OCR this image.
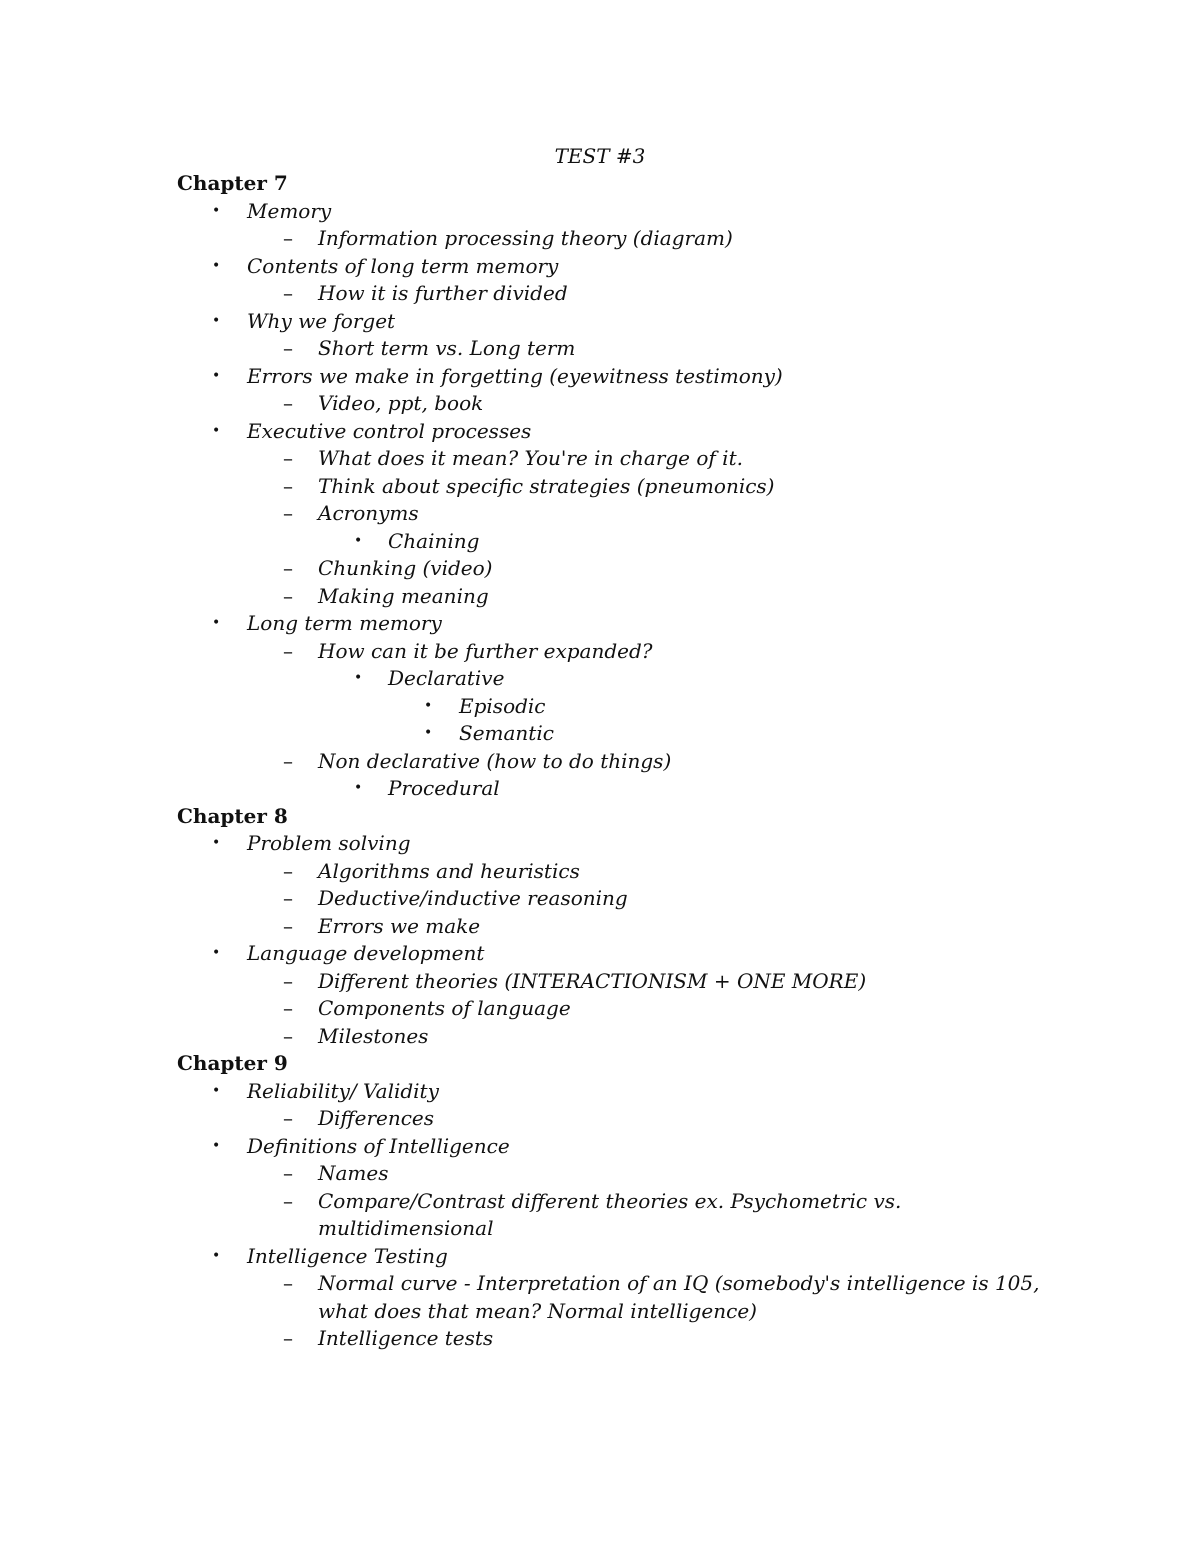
TEST #3
Chapter 7
• Memory
– Information processing theory (diagram)
• Contents of long term memory
– How it is further divided
• Why we forget
– Short term vs. Long term
• Errors we make in forgetting (eyewitness testimony)
– Video, ppt, book
• Executive control processes
– What does it mean? You're in charge of it.
– Think about specific strategies (pneumonics)
– Acronyms
• Chaining
– Chunking (video)
– Making meaning
• Long term memory
– How can it be further expanded?
• Declarative
• Episodic
• Semantic
– Non declarative (how to do things)
• Procedural
Chapter 8
• Problem solving
– Algorithms and heuristics
– Deductive/inductive reasoning
– Errors we make
• Language development
– Different theories (INTERACTIONISM + ONE MORE)
– Components of language
– Milestones
Chapter 9
• Reliability/ Validity
– Differences
• Definitions of Intelligence
– Names
– Compare/Contrast different theories ex. Psychometric vs.
multidimensional
• Intelligence Testing
– Normal curve - Interpretation of an IQ (somebody's intelligence is 105,
what does that mean? Normal intelligence)
– Intelligence tests
